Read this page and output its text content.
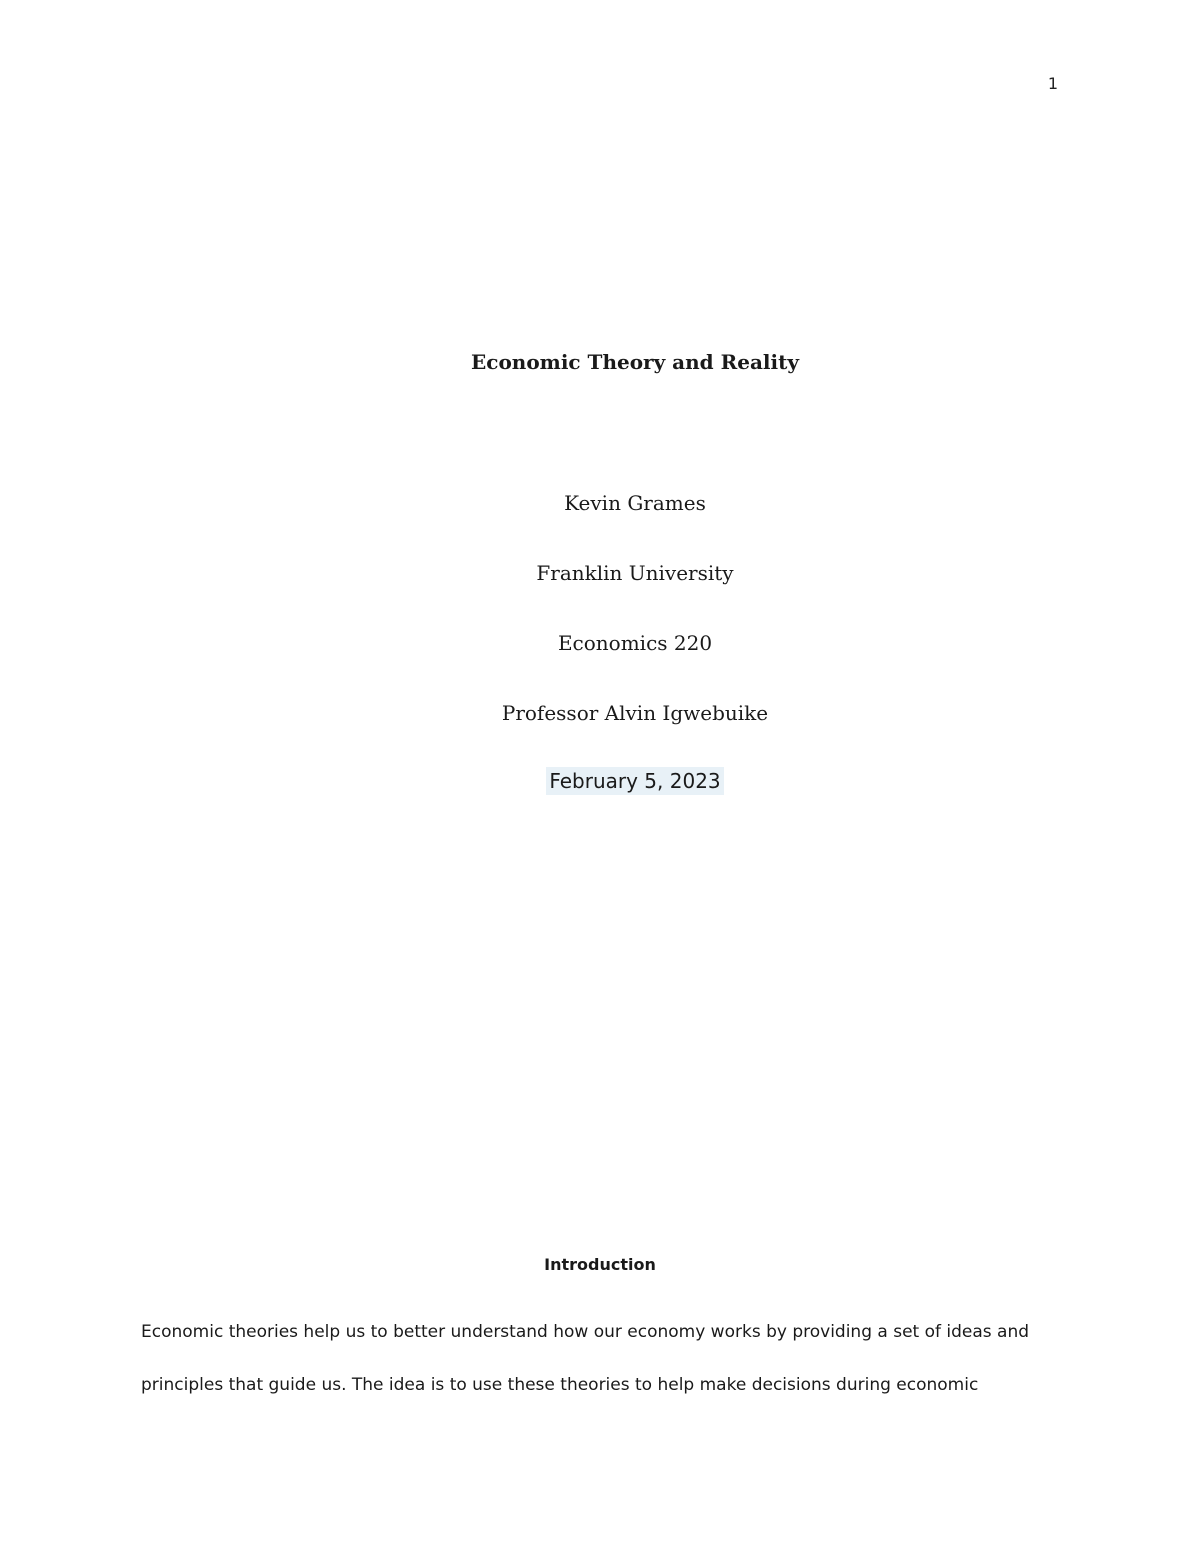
1
Economic Theory and Reality
Kevin Grames
Franklin University
Economics 220
Professor Alvin Igwebuike
February 5, 2023
Introduction
Economic theories help us to better understand how our economy works by providing a set of ideas and
principles that guide us. The idea is to use these theories to help make decisions during economic
